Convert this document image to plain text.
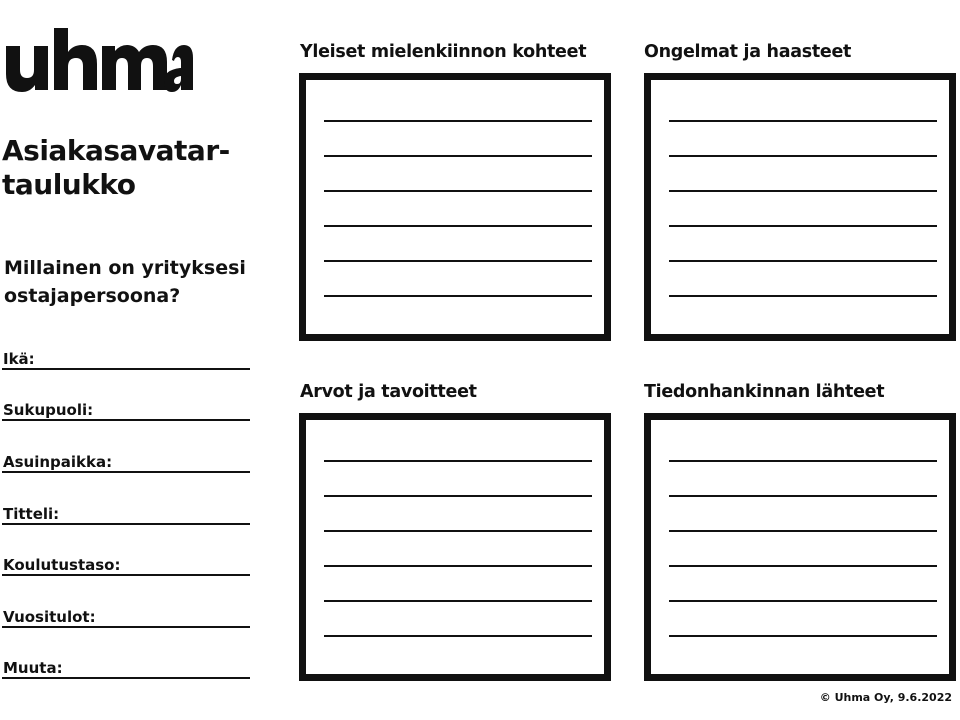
Asiakasavatar-
taulukko
Millainen on yrityksesi
ostajapersoona?
Ikä:
Sukupuoli:
Asuinpaikka:
Titteli:
Koulutustaso:
Vuositulot:
Muuta:
Yleiset mielenkiinnon kohteet	Ongelmat ja haasteet
Arvot ja tavoitteet	Tiedonhankinnan lähteet
© Uhma Oy, 9.6.2022
